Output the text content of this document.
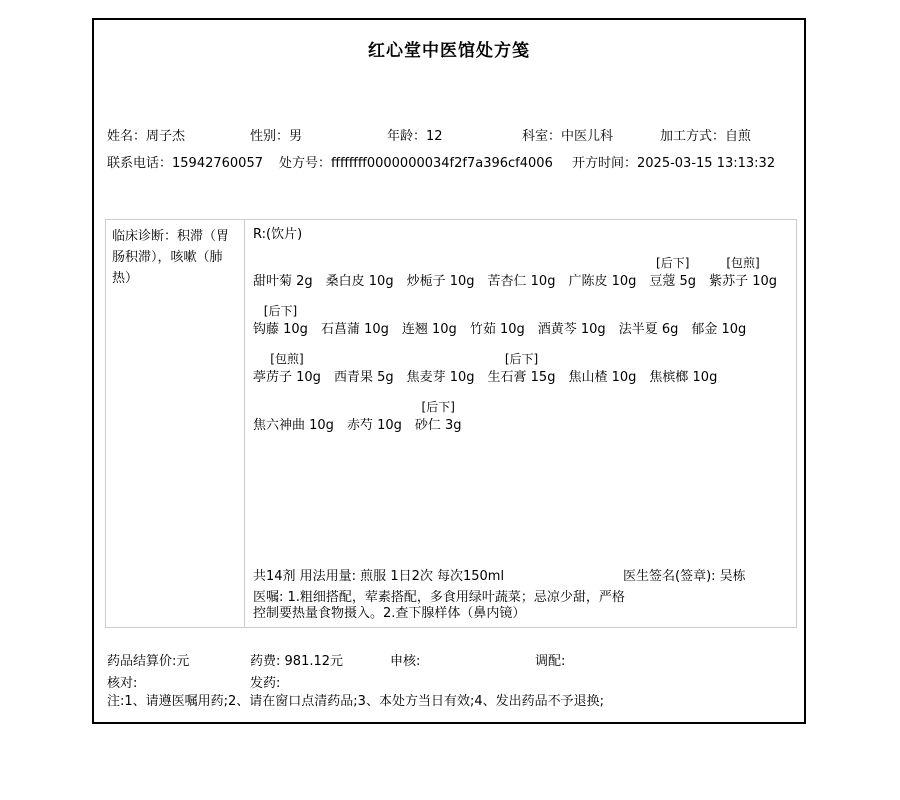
红心堂中医馆处方笺
姓名：周子杰	性别：男	年龄：12	科室：中医儿科	加工方式：自煎
联系电话：15942760057 处方号：ffffffff0000000034f2f7a396cf4006 开方时间：2025-03-15 13:13:32
临床诊断：积滞（胃肠积滞），咳嗽（肺热）
R:(饮片)
甜叶菊 2g 桑白皮 10g 炒栀子 10g 苦杏仁 10g 广陈皮 10g
[后下]
豆蔻 5g
[包煎]
紫苏子 10g
[后下]
钩藤 10g 石菖蒲 10g 连翘 10g 竹茹 10g 酒黄芩 10g 法半夏 6g 郁金 10g
[包煎]
葶苈子 10g 西青果 5g 焦麦芽 10g
[后下]
生石膏 15g 焦山楂 10g 焦槟榔 10g
焦六神曲 10g 赤芍 10g
[后下]
砂仁 3g
共14剂 用法用量: 煎服 1日2次 每次150ml	医生签名(签章): 吴栋
医嘱: 1.粗细搭配，荤素搭配，多食用绿叶蔬菜；忌凉少甜，严格控制要热量食物摄入。2.查下腺样体（鼻内镜）
药品结算价:元	药费: 981.12元	申核:	调配:
核对:	发药:
注:1、请遵医嘱用药;2、请在窗口点清药品;3、本处方当日有效;4、发出药品不予退换;
